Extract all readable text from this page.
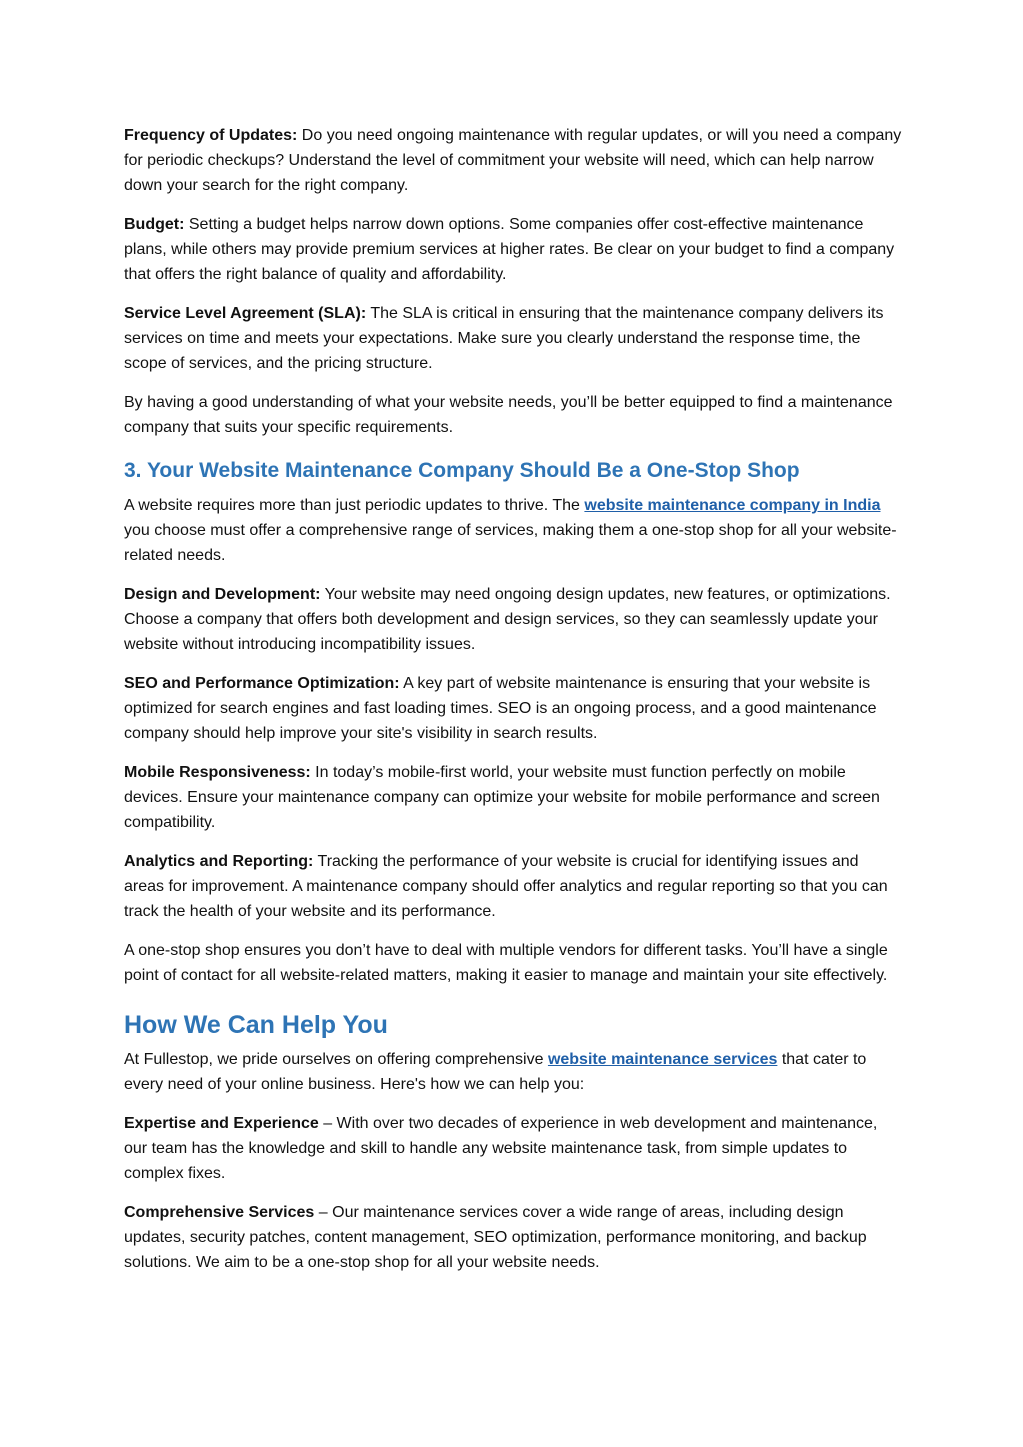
Frequency of Updates: Do you need ongoing maintenance with regular updates, or will you need a company for periodic checkups? Understand the level of commitment your website will need, which can help narrow down your search for the right company.

Budget: Setting a budget helps narrow down options. Some companies offer cost-effective maintenance plans, while others may provide premium services at higher rates. Be clear on your budget to find a company that offers the right balance of quality and affordability.

Service Level Agreement (SLA): The SLA is critical in ensuring that the maintenance company delivers its services on time and meets your expectations. Make sure you clearly understand the response time, the scope of services, and the pricing structure.

By having a good understanding of what your website needs, you’ll be better equipped to find a maintenance company that suits your specific requirements.

3. Your Website Maintenance Company Should Be a One-Stop Shop

A website requires more than just periodic updates to thrive. The website maintenance company in India you choose must offer a comprehensive range of services, making them a one-stop shop for all your website-related needs.

Design and Development: Your website may need ongoing design updates, new features, or optimizations. Choose a company that offers both development and design services, so they can seamlessly update your website without introducing incompatibility issues.

SEO and Performance Optimization: A key part of website maintenance is ensuring that your website is optimized for search engines and fast loading times. SEO is an ongoing process, and a good maintenance company should help improve your site's visibility in search results.

Mobile Responsiveness: In today’s mobile-first world, your website must function perfectly on mobile devices. Ensure your maintenance company can optimize your website for mobile performance and screen compatibility.

Analytics and Reporting: Tracking the performance of your website is crucial for identifying issues and areas for improvement. A maintenance company should offer analytics and regular reporting so that you can track the health of your website and its performance.

A one-stop shop ensures you don’t have to deal with multiple vendors for different tasks. You’ll have a single point of contact for all website-related matters, making it easier to manage and maintain your site effectively.

How We Can Help You

At Fullestop, we pride ourselves on offering comprehensive website maintenance services that cater to every need of your online business. Here's how we can help you:

Expertise and Experience – With over two decades of experience in web development and maintenance, our team has the knowledge and skill to handle any website maintenance task, from simple updates to complex fixes.

Comprehensive Services – Our maintenance services cover a wide range of areas, including design updates, security patches, content management, SEO optimization, performance monitoring, and backup solutions. We aim to be a one-stop shop for all your website needs.
